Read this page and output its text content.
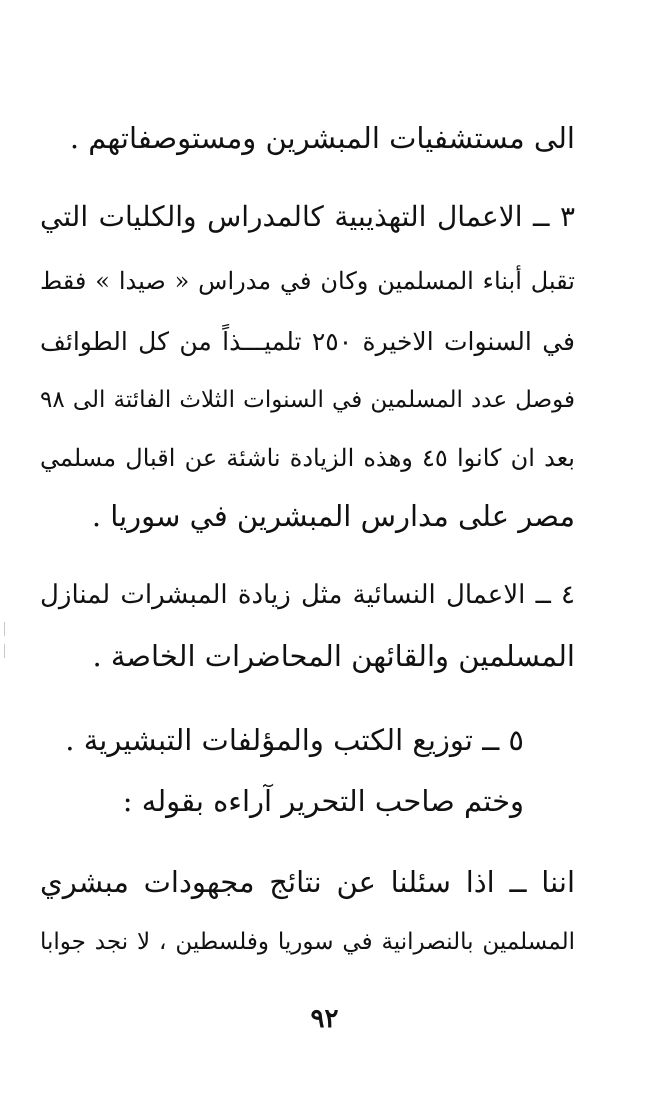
الى مستشفيات المبشرين ومستوصفاتهم .
٣ ــ الاعمال التهذيبية كالمدراس والكليات التي
تقبل أبناء المسلمين وكان في مدراس « صيدا » فقط
في السنوات الاخيرة ٢٥٠ تلميـــذاً من كل الطوائف
فوصل عدد المسلمين في السنوات الثلاث الفائتة الى ٩٨
بعد ان كانوا ٤٥ وهذه الزيادة ناشئة عن اقبال مسلمي
مصر على مدارس المبشرين في سوريا .
٤ ــ الاعمال النسائية مثل زيادة المبشرات لمنازل
المسلمين والقائهن المحاضرات الخاصة .
٥ ــ توزيع الكتب والمؤلفات التبشيرية .
وختم صاحب التحرير آراءه بقوله :
اننا ــ اذا سئلنا عن نتائج مجهودات مبشري
المسلمين بالنصرانية في سوريا وفلسطين ، لا نجد جوابا
٩٢
